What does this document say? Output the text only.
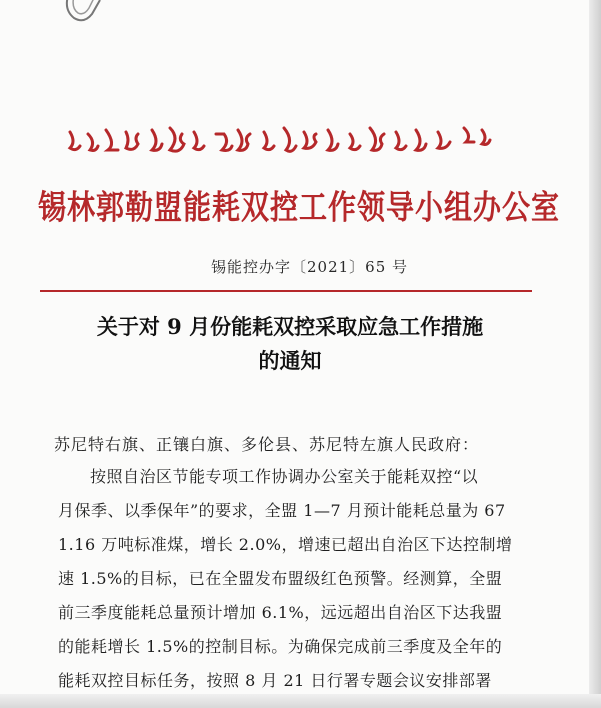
锡林郭勒盟能耗双控工作领导小组办公室
锡能控办字〔2021〕65 号
关于对 9 月份能耗双控采取应急工作措施
的通知
苏尼特右旗、正镶白旗、多伦县、苏尼特左旗人民政府：
按照自治区节能专项工作协调办公室关于能耗双控“以
月保季、以季保年”的要求，全盟 1—7 月预计能耗总量为 67
1.16 万吨标准煤，增长 2.0%，增速已超出自治区下达控制增
速 1.5%的目标，已在全盟发布盟级红色预警。经测算，全盟
前三季度能耗总量预计增加 6.1%，远远超出自治区下达我盟
的能耗增长 1.5%的控制目标。为确保完成前三季度及全年的
能耗双控目标任务，按照 8 月 21 日行署专题会议安排部署
